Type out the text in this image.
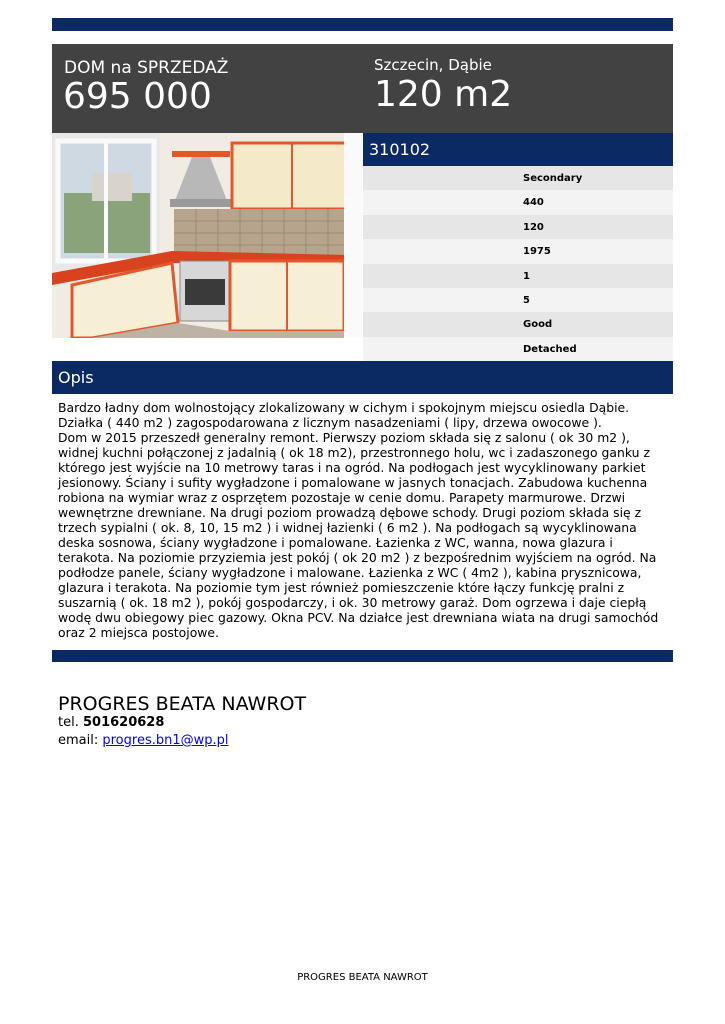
DOM na SPRZEDAŻ
695 000
Szczecin, Dąbie
120 m2
310102
Secondary
440
120
1975
1
5
Good
Detached
Opis

Bardzo ładny dom wolnostojący zlokalizowany w cichym i spokojnym miejscu osiedla Dąbie.

Działka ( 440 m2 ) zagospodarowana z licznym nasadzeniami ( lipy, drzewa owocowe ).

Dom w 2015 przeszedł generalny remont. Pierwszy poziom składa się z salonu ( ok 30 m2 ), widnej kuchni połączonej z jadalnią ( ok 18 m2), przestronnego holu, wc i zadaszonego ganku z którego jest wyjście na 10 metrowy taras i na ogród. Na podłogach jest wycyklinowany parkiet jesionowy. Ściany i sufity wygładzone i pomalowane w jasnych tonacjach. Zabudowa kuchenna robiona na wymiar wraz z osprzętem pozostaje w cenie domu. Parapety marmurowe. Drzwi wewnętrzne drewniane. Na drugi poziom prowadzą dębowe schody. Drugi poziom składa się z trzech sypialni ( ok. 8, 10, 15 m2 ) i widnej łazienki ( 6 m2 ). Na podłogach są wycyklinowana deska sosnowa, ściany wygładzone i pomalowane. Łazienka z WC, wanna, nowa glazura i terakota. Na poziomie przyziemia jest pokój ( ok 20 m2 ) z bezpośrednim wyjściem na ogród. Na podłodze panele, ściany wygładzone i malowane. Łazienka z WC ( 4m2 ), kabina prysznicowa, glazura i terakota. Na poziomie tym jest również pomieszczenie które łączy funkcję pralni z suszarnią ( ok. 18 m2 ), pokój gospodarczy, i ok. 30 metrowy garaż. Dom ogrzewa i daje ciepłą wodę dwu obiegowy piec gazowy. Okna PCV. Na działce jest drewniana wiata na drugi samochód oraz 2 miejsca postojowe.

PROGRES BEATA NAWROT
tel. 501620628
email: progres.bn1@wp.pl
PROGRES BEATA NAWROT
